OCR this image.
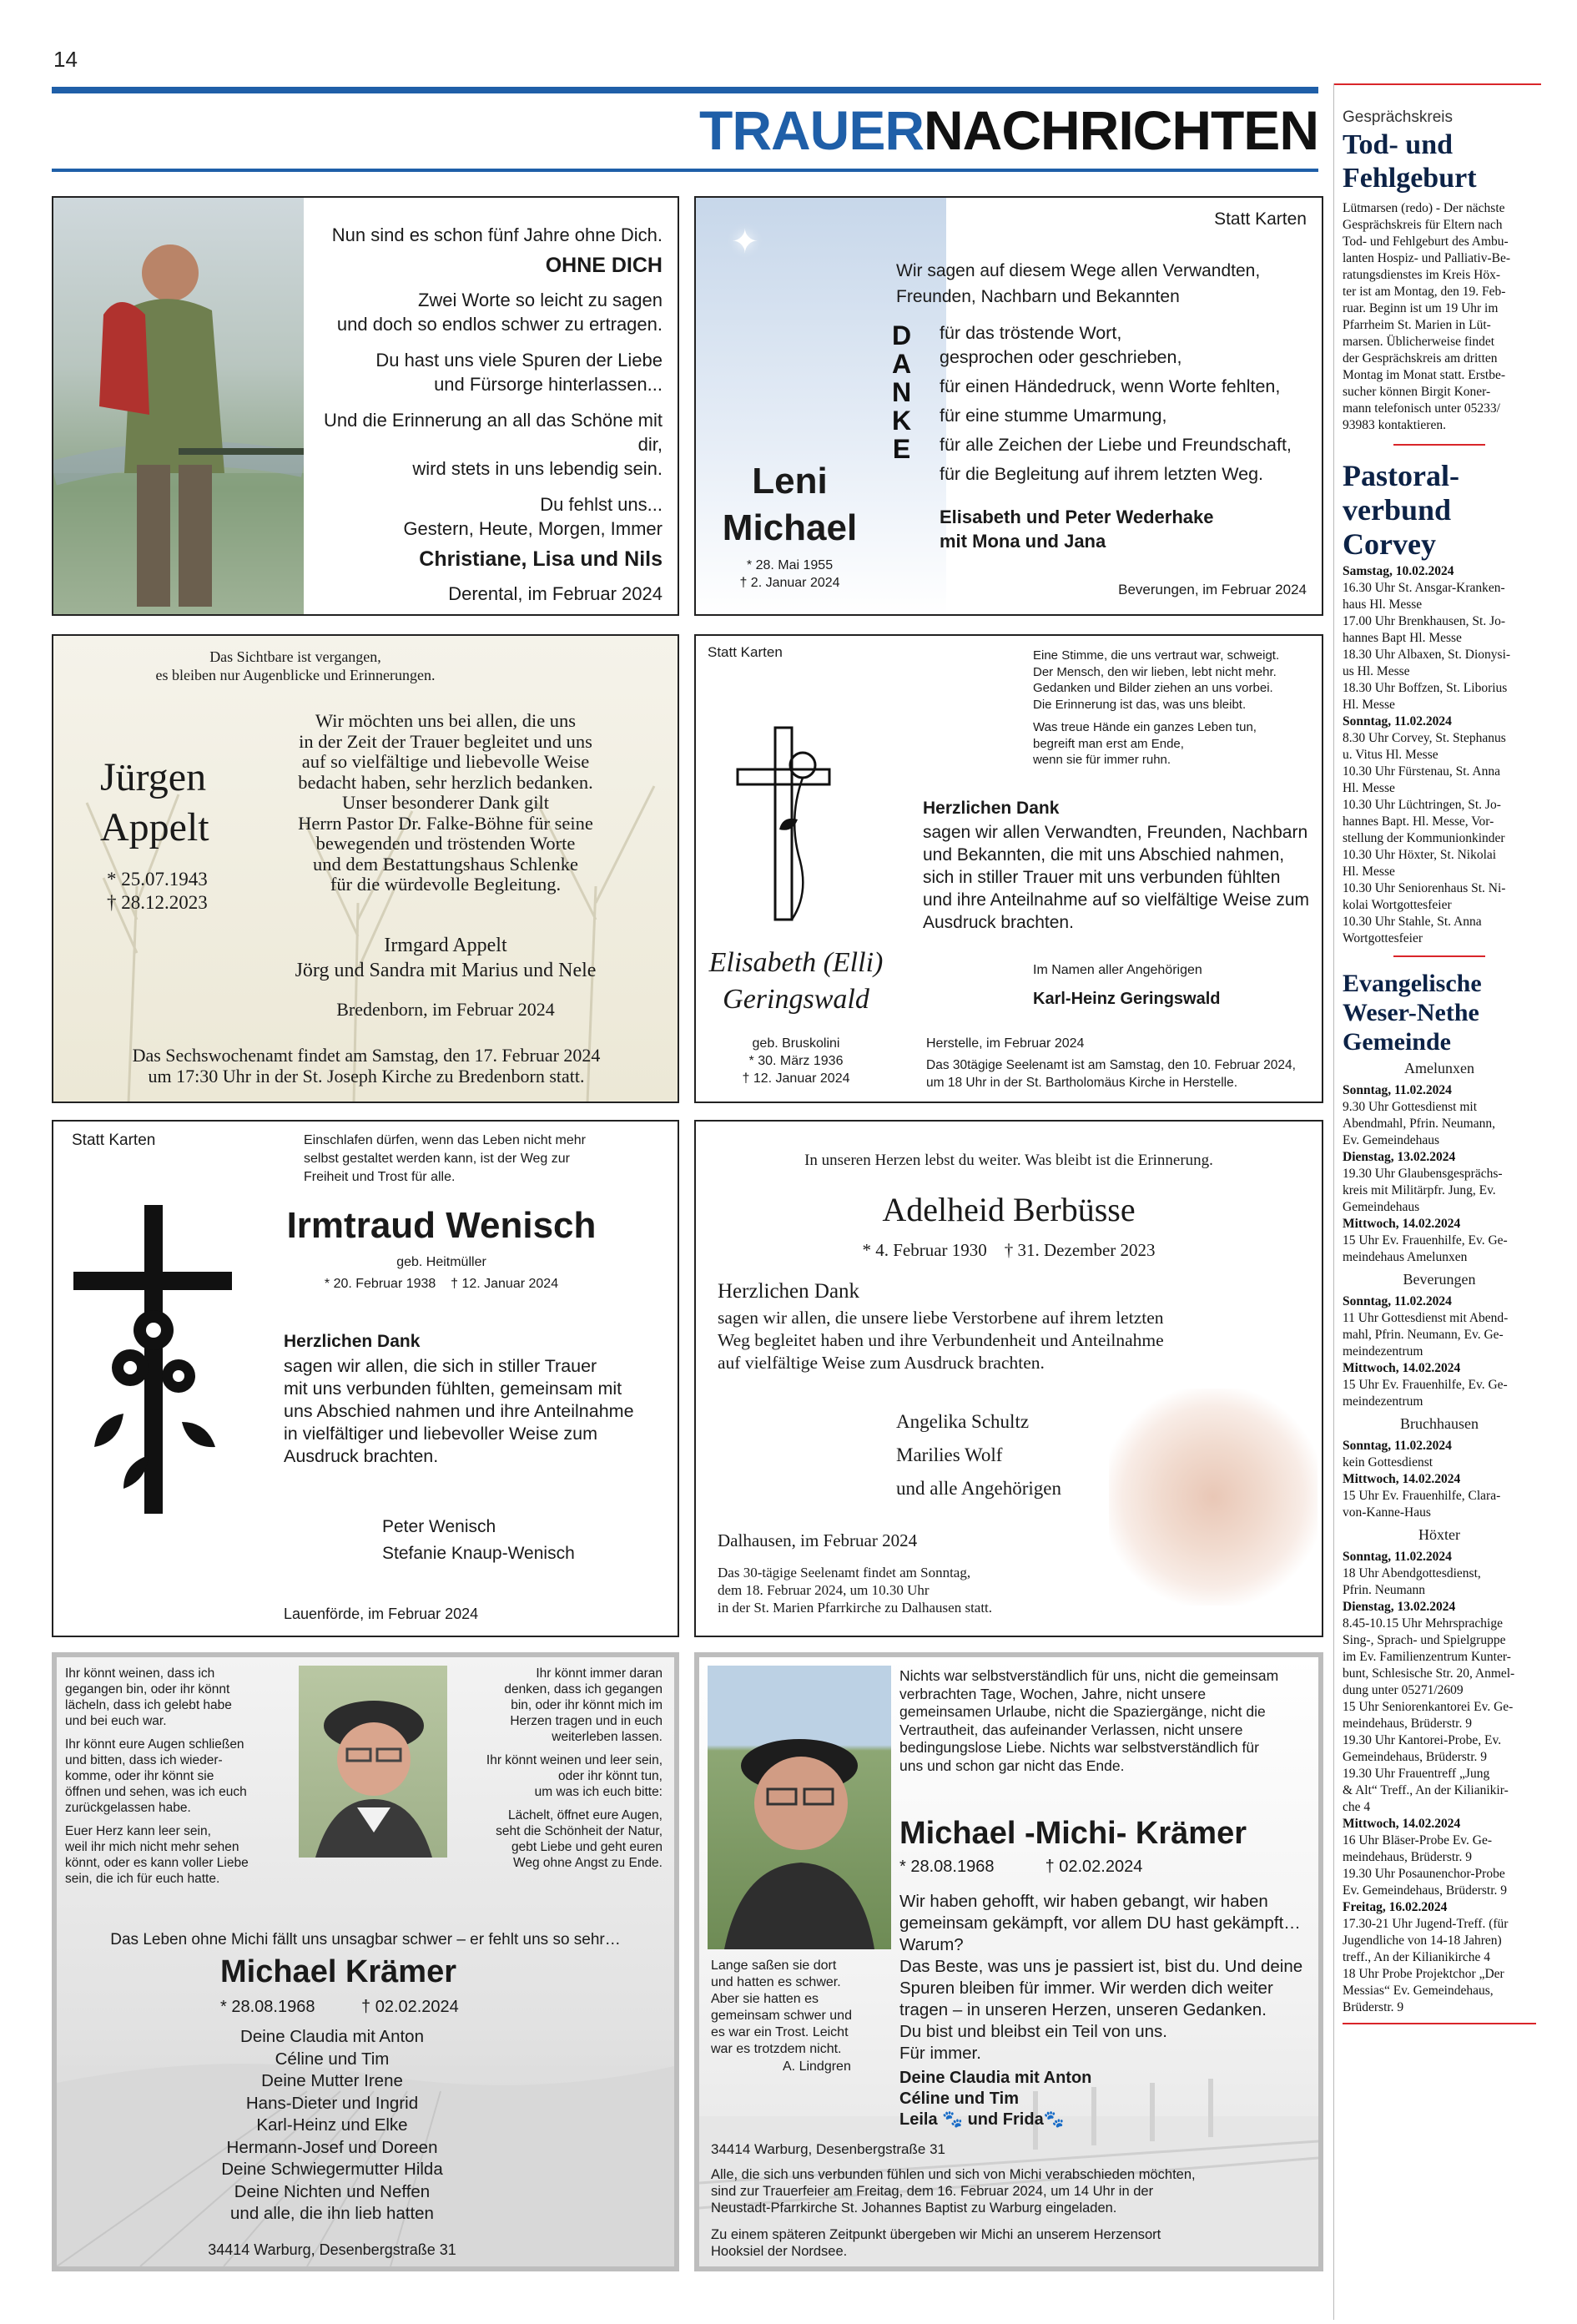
14
TRAUERNACHRICHTEN
Nun sind es schon fünf Jahre ohne Dich.
OHNE DICH
Zwei Worte so leicht zu sagen
und doch so endlos schwer zu ertragen.
Du hast uns viele Spuren der Liebe
und Fürsorge hinterlassen...
Und die Erinnerung an all das Schöne mit dir,
wird stets in uns lebendig sein.
Du fehlst uns...
Gestern, Heute, Morgen, Immer
Christiane, Lisa und Nils
Derental, im Februar 2024
✦
Statt Karten
Wir sagen auf diesem Wege allen Verwandten,
Freunden, Nachbarn und Bekannten
D
A
N
K
E
für das tröstende Wort,
gesprochen oder geschrieben,
für einen Händedruck, wenn Worte fehlten,
für eine stumme Umarmung,
für alle Zeichen der Liebe und Freundschaft,
für die Begleitung auf ihrem letzten Weg.
Leni
Michael
* 28. Mai 1955
† 2. Januar 2024
Elisabeth und Peter Wederhake
mit Mona und Jana
Beverungen, im Februar 2024
Das Sichtbare ist vergangen,
es bleiben nur Augenblicke und Erinnerungen.
Jürgen
Appelt
* 25.07.1943
† 28.12.2023
Wir möchten uns bei allen, die uns
in der Zeit der Trauer begleitet und uns
auf so vielfältige und liebevolle Weise
bedacht haben, sehr herzlich bedanken.
Unser besonderer Dank gilt
Herrn Pastor Dr. Falke-Böhne für seine
bewegenden und tröstenden Worte
und dem Bestattungshaus Schlenke
für die würdevolle Begleitung.
Irmgard Appelt
Jörg und Sandra mit Marius und Nele
Bredenborn, im Februar 2024
Das Sechswochenamt findet am Samstag, den 17. Februar 2024
um 17:30 Uhr in der St. Joseph Kirche zu Bredenborn statt.
Statt Karten	Eine Stimme, die uns vertraut war, schweigt.
Der Mensch, den wir lieben, lebt nicht mehr.
Gedanken und Bilder ziehen an uns vorbei.
Die Erinnerung ist das, was uns bleibt.
Was treue Hände ein ganzes Leben tun,
begreift man erst am Ende,
wenn sie für immer ruhn.
Herzlichen Dank
sagen wir allen Verwandten, Freunden, Nachbarn
und Bekannten, die mit uns Abschied nahmen,
sich in stiller Trauer mit uns verbunden fühlten
und ihre Anteilnahme auf so vielfältige Weise zum
Ausdruck brachten.
Elisabeth (Elli)
Geringswald
geb. Bruskolini
* 30. März 1936
† 12. Januar 2024
Im Namen aller Angehörigen
Karl-Heinz Geringswald
Herstelle, im Februar 2024
Das 30tägige Seelenamt ist am Samstag, den 10. Februar 2024,
um 18 Uhr in der St. Bartholomäus Kirche in Herstelle.
Statt Karten	Einschlafen dürfen, wenn das Leben nicht mehr
selbst gestaltet werden kann, ist der Weg zur
Freiheit und Trost für alle.
Irmtraud Wenisch
geb. Heitmüller
* 20. Februar 1938 † 12. Januar 2024
Herzlichen Dank
sagen wir allen, die sich in stiller Trauer
mit uns verbunden fühlten, gemeinsam mit
uns Abschied nahmen und ihre Anteilnahme
in vielfältiger und liebevoller Weise zum
Ausdruck brachten.
Peter Wenisch
Stefanie Knaup-Wenisch
Lauenförde, im Februar 2024
In unseren Herzen lebst du weiter. Was bleibt ist die Erinnerung.
Adelheid Berbüsse
* 4. Februar 1930 † 31. Dezember 2023
Herzlichen Dank
sagen wir allen, die unsere liebe Verstorbene auf ihrem letzten
Weg begleitet haben und ihre Verbundenheit und Anteilnahme
auf vielfältige Weise zum Ausdruck brachten.
Angelika Schultz
Marilies Wolf
und alle Angehörigen
Dalhausen, im Februar 2024
Das 30-tägige Seelenamt findet am Sonntag,
dem 18. Februar 2024, um 10.30 Uhr
in der St. Marien Pfarrkirche zu Dalhausen statt.
Ihr könnt weinen, dass ich
gegangen bin, oder ihr könnt
lächeln, dass ich gelebt habe
und bei euch war.
Ihr könnt eure Augen schließen
und bitten, dass ich wieder-
komme, oder ihr könnt sie
öffnen und sehen, was ich euch
zurückgelassen habe.
Euer Herz kann leer sein,
weil ihr mich nicht mehr sehen
könnt, oder es kann voller Liebe
sein, die ich für euch hatte.
Ihr könnt immer daran
denken, dass ich gegangen
bin, oder ihr könnt mich im
Herzen tragen und in euch
weiterleben lassen.
Ihr könnt weinen und leer sein,
oder ihr könnt tun,
um was ich euch bitte:
Lächelt, öffnet eure Augen,
seht die Schönheit der Natur,
gebt Liebe und geht euren
Weg ohne Angst zu Ende.
Das Leben ohne Michi fällt uns unsagbar schwer – er fehlt uns so sehr…
Michael Krämer
* 28.08.1968	† 02.02.2024
Deine Claudia mit Anton
Céline und Tim
Deine Mutter Irene
Hans-Dieter und Ingrid
Karl-Heinz und Elke
Hermann-Josef und Doreen
Deine Schwiegermutter Hilda
Deine Nichten und Neffen
und alle, die ihn lieb hatten
34414 Warburg, Desenbergstraße 31
Nichts war selbstverständlich für uns, nicht die gemeinsam
verbrachten Tage, Wochen, Jahre, nicht unsere
gemeinsamen Urlaube, nicht die Spaziergänge, nicht die
Vertrautheit, das aufeinander Verlassen, nicht unsere
bedingungslose Liebe. Nichts war selbstverständlich für
uns und schon gar nicht das Ende.
Michael -Michi- Krämer
* 28.08.1968	† 02.02.2024
Wir haben gehofft, wir haben gebangt, wir haben
gemeinsam gekämpft, vor allem DU hast gekämpft…
Warum?
Das Beste, was uns je passiert ist, bist du. Und deine
Spuren bleiben für immer. Wir werden dich weiter
tragen – in unseren Herzen, unseren Gedanken.
Du bist und bleibst ein Teil von uns.
Für immer.
Deine Claudia mit Anton
Céline und Tim
Leila 🐾 und Frida🐾
Lange saßen sie dort
und hatten es schwer.
Aber sie hatten es
gemeinsam schwer und
es war ein Trost. Leicht
war es trotzdem nicht.
A. Lindgren
34414 Warburg, Desenbergstraße 31
Alle, die sich uns verbunden fühlen und sich von Michi verabschieden möchten,
sind zur Trauerfeier am Freitag, dem 16. Februar 2024, um 14 Uhr in der
Neustadt-Pfarrkirche St. Johannes Baptist zu Warburg eingeladen.
Zu einem späteren Zeitpunkt übergeben wir Michi an unserem Herzensort
Hooksiel der Nordsee.
Gesprächskreis
Tod- und
Fehlgeburt
Lütmarsen (redo) - Der nächste
Gesprächskreis für Eltern nach
Tod- und Fehlgeburt des Ambu-
lanten Hospiz- und Palliativ-Be-
ratungsdienstes im Kreis Höx-
ter ist am Montag, den 19. Feb-
ruar. Beginn ist um 19 Uhr im
Pfarrheim St. Marien in Lüt-
marsen. Üblicherweise findet
der Gesprächskreis am dritten
Montag im Monat statt. Erstbe-
sucher können Birgit Koner-
mann telefonisch unter 05233/
93983 kontaktieren.
Pastoral-
verbund
Corvey
Samstag, 10.02.2024
16.30 Uhr St. Ansgar-Kranken-
haus Hl. Messe
17.00 Uhr Brenkhausen, St. Jo-
hannes Bapt Hl. Messe
18.30 Uhr Albaxen, St. Dionysi-
us Hl. Messe
18.30 Uhr Boffzen, St. Liborius
Hl. Messe
Sonntag, 11.02.2024
8.30 Uhr Corvey, St. Stephanus
u. Vitus Hl. Messe
10.30 Uhr Fürstenau, St. Anna
Hl. Messe
10.30 Uhr Lüchtringen, St. Jo-
hannes Bapt. Hl. Messe, Vor-
stellung der Kommunionkinder
10.30 Uhr Höxter, St. Nikolai
Hl. Messe
10.30 Uhr Seniorenhaus St. Ni-
kolai Wortgottesfeier
10.30 Uhr Stahle, St. Anna
Wortgottesfeier
Evangelische
Weser-Nethe
Gemeinde
Amelunxen
Sonntag, 11.02.2024
9.30 Uhr Gottesdienst mit
Abendmahl, Pfrin. Neumann,
Ev. Gemeindehaus
Dienstag, 13.02.2024
19.30 Uhr Glaubensgesprächs-
kreis mit Militärpfr. Jung, Ev.
Gemeindehaus
Mittwoch, 14.02.2024
15 Uhr Ev. Frauenhilfe, Ev. Ge-
meindehaus Amelunxen
Beverungen
Sonntag, 11.02.2024
11 Uhr Gottesdienst mit Abend-
mahl, Pfrin. Neumann, Ev. Ge-
meindezentrum
Mittwoch, 14.02.2024
15 Uhr Ev. Frauenhilfe, Ev. Ge-
meindezentrum
Bruchhausen
Sonntag, 11.02.2024
kein Gottesdienst
Mittwoch, 14.02.2024
15 Uhr Ev. Frauenhilfe, Clara-
von-Kanne-Haus
Höxter
Sonntag, 11.02.2024
18 Uhr Abendgottesdienst,
Pfrin. Neumann
Dienstag, 13.02.2024
8.45-10.15 Uhr Mehrsprachige
Sing-, Sprach- und Spielgruppe
im Ev. Familienzentrum Kunter-
bunt, Schlesische Str. 20, Anmel-
dung unter 05271/2609
15 Uhr Seniorenkantorei Ev. Ge-
meindehaus, Brüderstr. 9
19.30 Uhr Kantorei-Probe, Ev.
Gemeindehaus, Brüderstr. 9
19.30 Uhr Frauentreff „Jung
& Alt“ Treff., An der Kilianikir-
che 4
Mittwoch, 14.02.2024
16 Uhr Bläser-Probe Ev. Ge-
meindehaus, Brüderstr. 9
19.30 Uhr Posaunenchor-Probe
Ev. Gemeindehaus, Brüderstr. 9
Freitag, 16.02.2024
17.30-21 Uhr Jugend-Treff. (für
Jugendliche von 14-18 Jahren)
treff., An der Kilianikirche 4
18 Uhr Probe Projektchor „Der
Messias“ Ev. Gemeindehaus,
Brüderstr. 9
